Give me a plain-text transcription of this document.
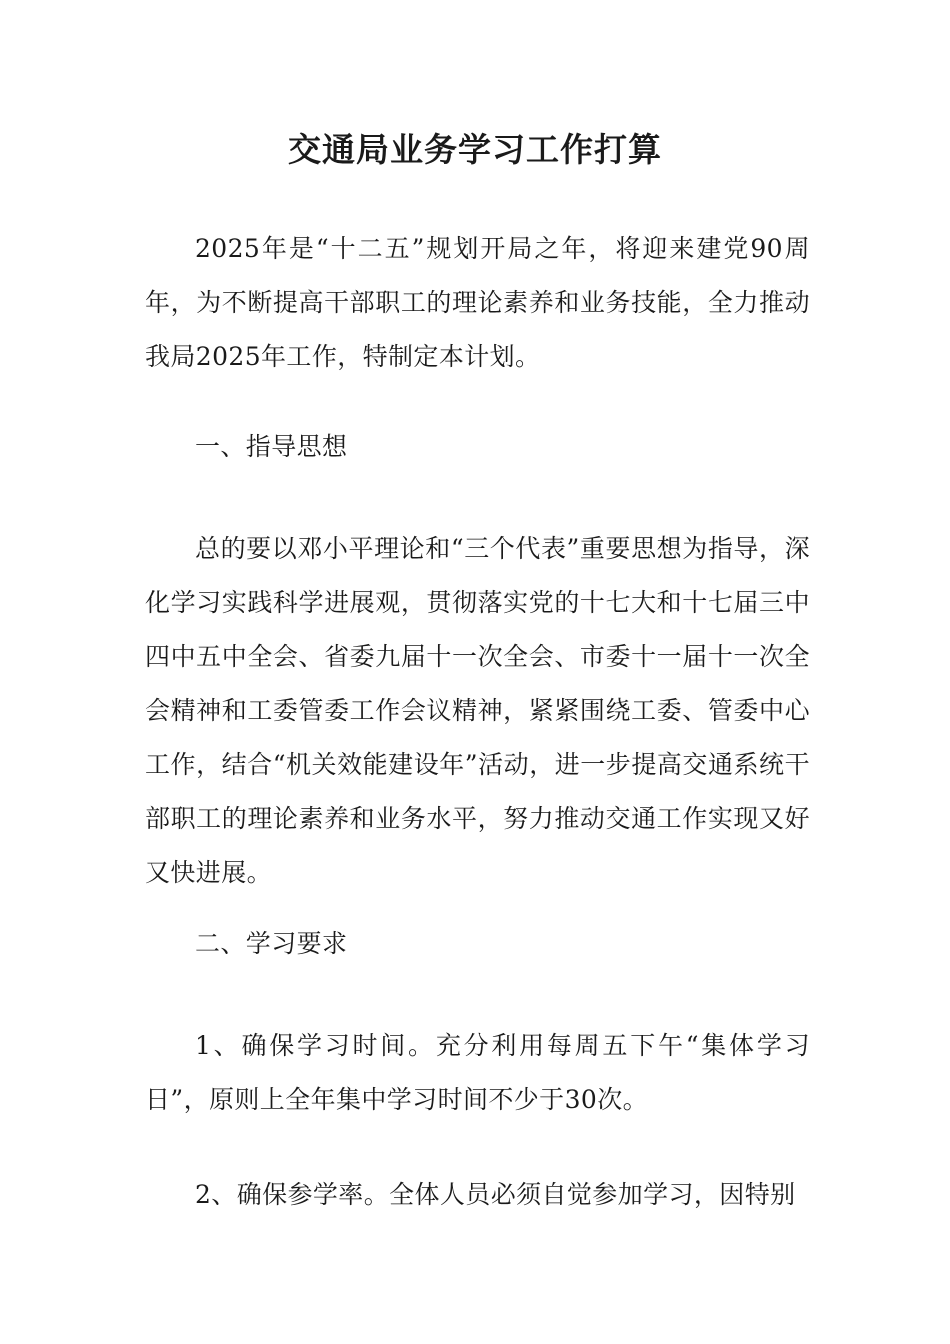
交通局业务学习工作打算

2025年是“十二五”规划开局之年，将迎来建党90周年，为不断提高干部职工的理论素养和业务技能，全力推动我局2025年工作，特制定本计划。

一、指导思想

总的要以邓小平理论和“三个代表”重要思想为指导，深化学习实践科学进展观，贯彻落实党的十七大和十七届三中四中五中全会、省委九届十一次全会、市委十一届十一次全会精神和工委管委工作会议精神，紧紧围绕工委、管委中心工作，结合“机关效能建设年”活动，进一步提高交通系统干部职工的理论素养和业务水平，努力推动交通工作实现又好又快进展。

二、学习要求

1、确保学习时间。充分利用每周五下午“集体学习日”，原则上全年集中学习时间不少于30次。

2、确保参学率。全体人员必须自觉参加学习，因特别
